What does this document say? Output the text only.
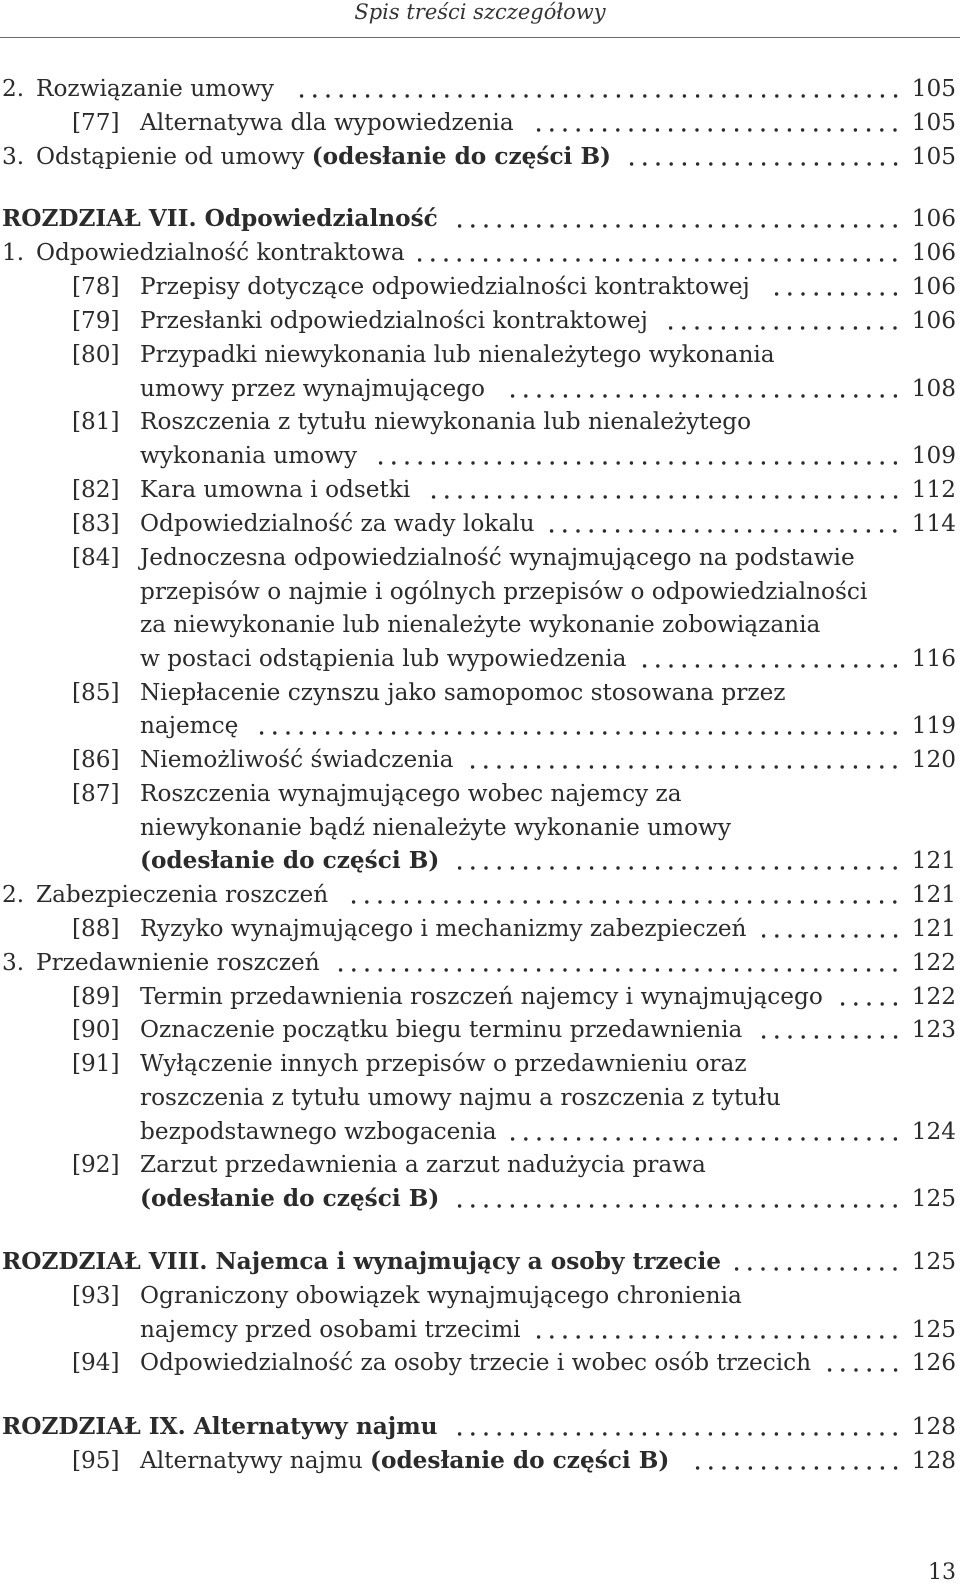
Spis treści szczegółowy
2. Rozwiązanie umowy	105
[77] Alternatywa dla wypowiedzenia	105
3. Odstąpienie od umowy (odesłanie do części B)	105
ROZDZIAŁ VII. Odpowiedzialność	106
1. Odpowiedzialność kontraktowa	106
[78] Przepisy dotyczące odpowiedzialności kontraktowej	106
[79] Przesłanki odpowiedzialności kontraktowej	106
[80] Przypadki niewykonania lub nienależytego wykonania
umowy przez wynajmującego	108
[81] Roszczenia z tytułu niewykonania lub nienależytego
wykonania umowy	109
[82] Kara umowna i odsetki	112
[83] Odpowiedzialność za wady lokalu	114
[84] Jednoczesna odpowiedzialność wynajmującego na podstawie
przepisów o najmie i ogólnych przepisów o odpowiedzialności
za niewykonanie lub nienależyte wykonanie zobowiązania
w postaci odstąpienia lub wypowiedzenia	116
[85] Niepłacenie czynszu jako samopomoc stosowana przez
najemcę	119
[86] Niemożliwość świadczenia	120
[87] Roszczenia wynajmującego wobec najemcy za
niewykonanie bądź nienależyte wykonanie umowy
(odesłanie do części B)	121
2. Zabezpieczenia roszczeń	121
[88] Ryzyko wynajmującego i mechanizmy zabezpieczeń	121
3. Przedawnienie roszczeń	122
[89] Termin przedawnienia roszczeń najemcy i wynajmującego	122
[90] Oznaczenie początku biegu terminu przedawnienia	123
[91] Wyłączenie innych przepisów o przedawnieniu oraz
roszczenia z tytułu umowy najmu a roszczenia z tytułu
bezpodstawnego wzbogacenia	124
[92] Zarzut przedawnienia a zarzut nadużycia prawa
(odesłanie do części B)	125
ROZDZIAŁ VIII. Najemca i wynajmujący a osoby trzecie	125
[93] Ograniczony obowiązek wynajmującego chronienia
najemcy przed osobami trzecimi	125
[94] Odpowiedzialność za osoby trzecie i wobec osób trzecich	126
ROZDZIAŁ IX. Alternatywy najmu	128
[95] Alternatywy najmu (odesłanie do części B)	128
13
